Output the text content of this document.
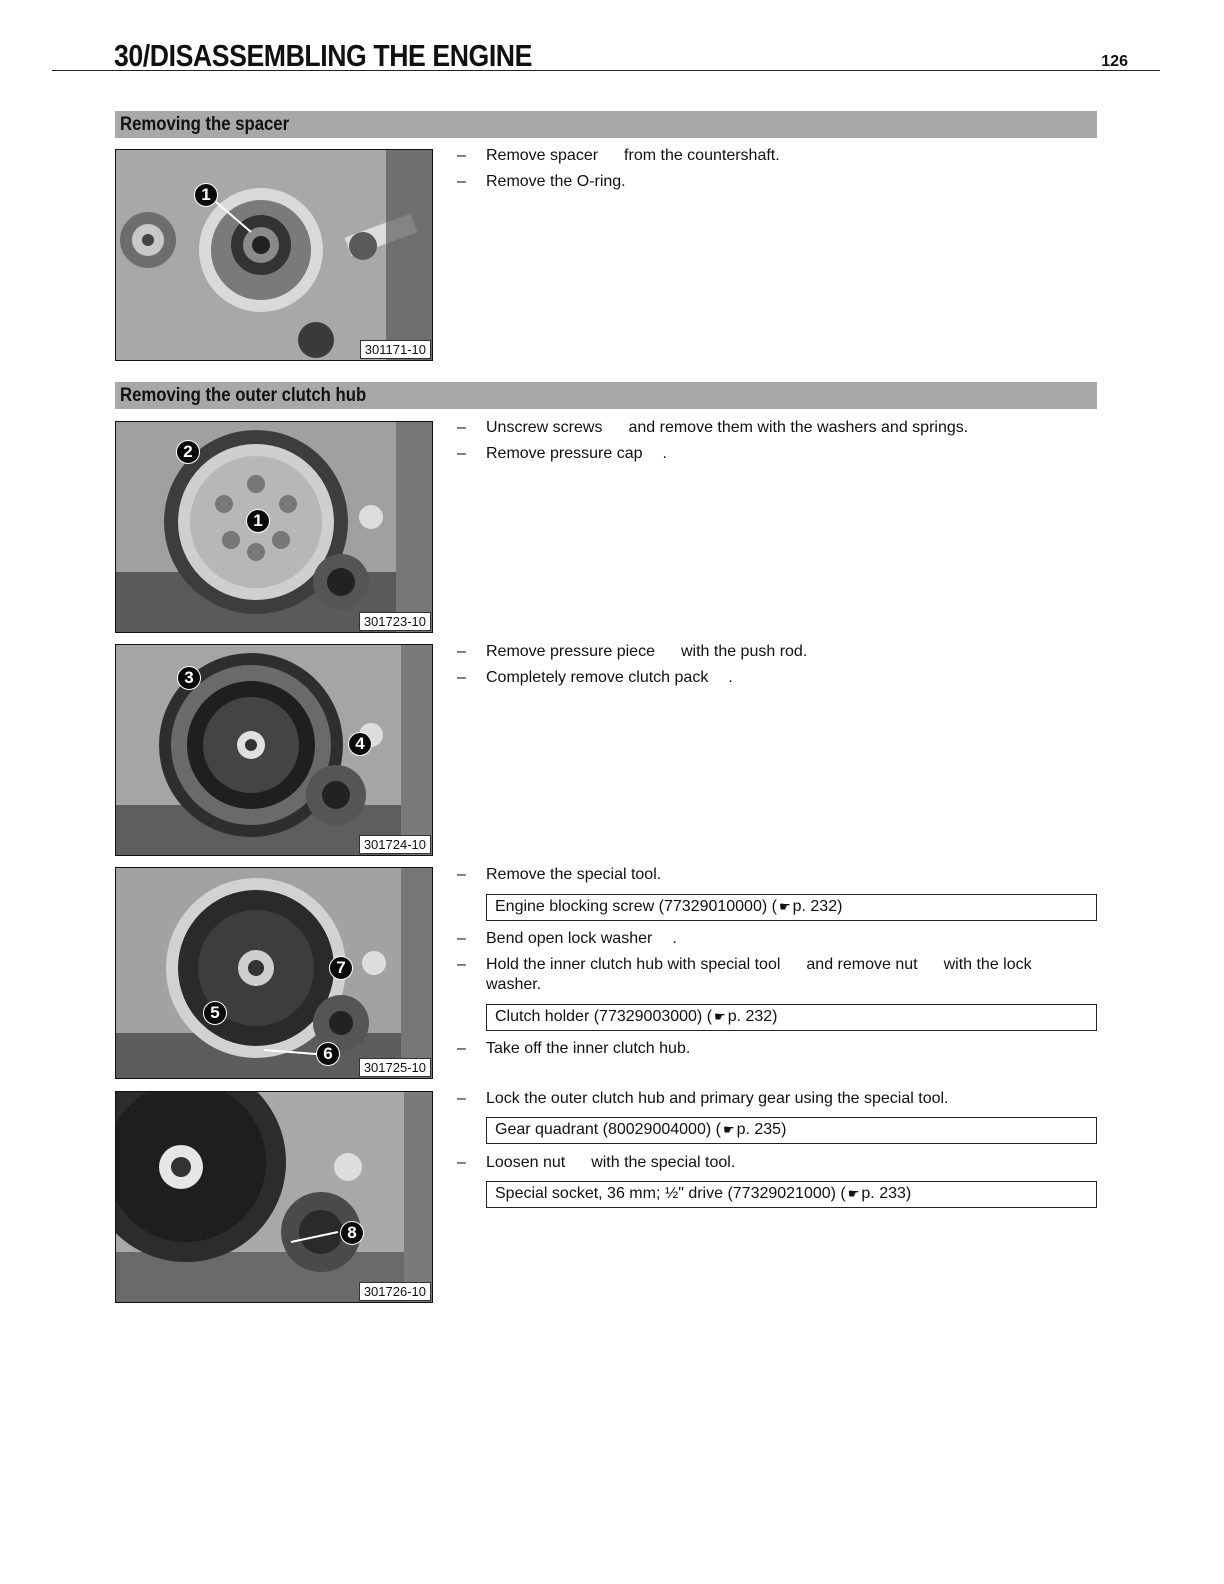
30/DISASSEMBLING THE ENGINE	126
Removing the spacer
1
301171-10
– Remove spacer from the countershaft.
– Remove the O-ring.
Removing the outer clutch hub
2
1
301723-10
– Unscrew screws and remove them with the washers and springs.
– Remove pressure cap .
3
4
301724-10
– Remove pressure piece with the push rod.
– Completely remove clutch pack .
7
5
6
301725-10
– Remove the special tool.
Engine blocking screw (77329010000) ( ☛ p. 232)
– Bend open lock washer .
– Hold the inner clutch hub with special tool and remove nut with the lock
washer.
Clutch holder (77329003000) ( ☛ p. 232)
– Take off the inner clutch hub.
8
301726-10
– Lock the outer clutch hub and primary gear using the special tool.
Gear quadrant (80029004000) ( ☛ p. 235)
– Loosen nut with the special tool.
Special socket, 36 mm; ½" drive (77329021000) ( ☛ p. 233)
